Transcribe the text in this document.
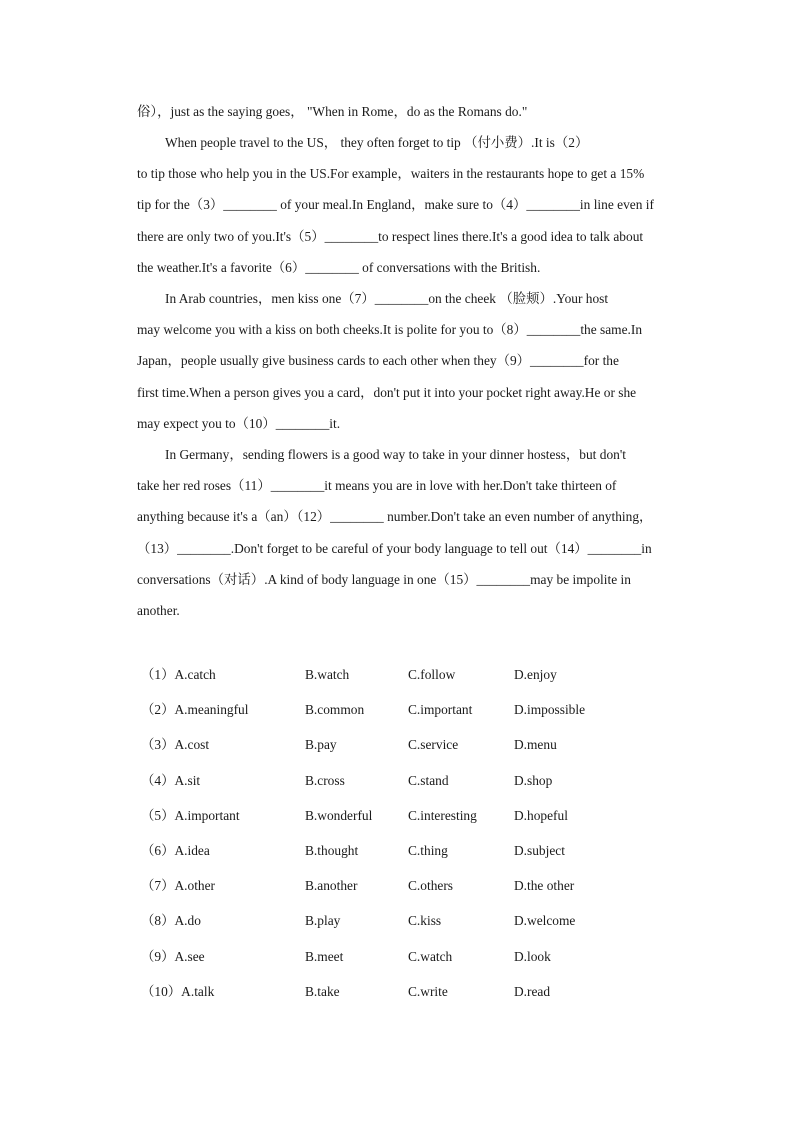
俗），just as the saying goes， "When in Rome，do as the Romans do."
When people travel to the US， they often forget to tip （付小费）.It is（2）
to tip those who help you in the US.For example，waiters in the restaurants hope to get a 15%
tip for the（3）________ of your meal.In England，make sure to（4）________in line even if
there are only two of you.It's（5）________to respect lines there.It's a good idea to talk about
the weather.It's a favorite（6）________ of conversations with the British.
In Arab countries，men kiss one（7）________on the cheek （脸颊）.Your host
may welcome you with a kiss on both cheeks.It is polite for you to（8）________the same.In
Japan，people usually give business cards to each other when they（9）________for the
first time.When a person gives you a card，don't put it into your pocket right away.He or she
may expect you to（10）________it.
In Germany，sending flowers is a good way to take in your dinner hostess，but don't
take her red roses（11）________it means you are in love with her.Don't take thirteen of
anything because it's a（an）（12）________ number.Don't take an even number of anything，
（13）________.Don't forget to be careful of your body language to tell out（14）________in
conversations（对话）.A kind of body language in one（15）________may be impolite in
another.
（1）A.catch	B.watch	C.follow	D.enjoy
（2）A.meaningful	B.common	C.important	D.impossible
（3）A.cost	B.pay	C.service	D.menu
（4）A.sit	B.cross	C.stand	D.shop
（5）A.important	B.wonderful	C.interesting	D.hopeful
（6）A.idea	B.thought	C.thing	D.subject
（7）A.other	B.another	C.others	D.the other
（8）A.do	B.play	C.kiss	D.welcome
（9）A.see	B.meet	C.watch	D.look
（10）A.talk	B.take	C.write	D.read
